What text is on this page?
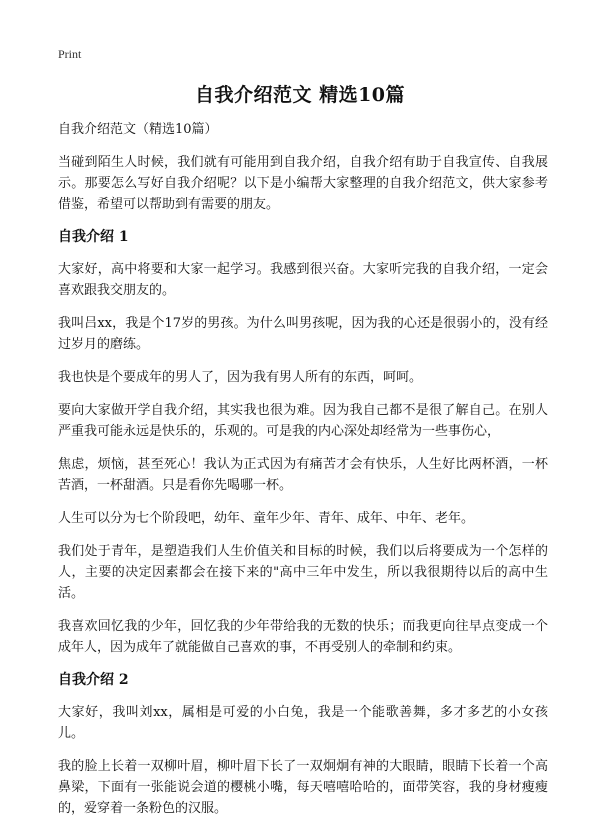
Print
自我介绍范文 精选10篇

自我介绍范文（精选10篇）

当碰到陌生人时候，我们就有可能用到自我介绍，自我介绍有助于自我宣传、自我展示。那要怎么写好自我介绍呢？以下是小编帮大家整理的自我介绍范文，供大家参考借鉴，希望可以帮助到有需要的朋友。

自我介绍 1

大家好，高中将要和大家一起学习。我感到很兴奋。大家听完我的自我介绍，一定会喜欢跟我交朋友的。

我叫吕xx，我是个17岁的男孩。为什么叫男孩呢，因为我的心还是很弱小的，没有经过岁月的磨练。

我也快是个要成年的男人了，因为我有男人所有的东西，呵呵。

要向大家做开学自我介绍，其实我也很为难。因为我自己都不是很了解自己。在别人严重我可能永远是快乐的，乐观的。可是我的内心深处却经常为一些事伤心，

焦虑，烦恼，甚至死心！我认为正式因为有痛苦才会有快乐，人生好比两杯酒，一杯苦酒，一杯甜酒。只是看你先喝哪一杯。

人生可以分为七个阶段吧，幼年、童年少年、青年、成年、中年、老年。

我们处于青年，是塑造我们人生价值关和目标的时候，我们以后将要成为一个怎样的人，主要的决定因素都会在接下来的"高中三年中发生，所以我很期待以后的高中生活。

我喜欢回忆我的少年，回忆我的少年带给我的无数的快乐；而我更向往早点变成一个成年人，因为成年了就能做自己喜欢的事，不再受别人的牵制和约束。

自我介绍 2

大家好，我叫刘xx，属相是可爱的小白兔，我是一个能歌善舞，多才多艺的小女孩儿。

我的脸上长着一双柳叶眉，柳叶眉下长了一双炯炯有神的大眼睛，眼睛下长着一个高鼻梁，下面有一张能说会道的樱桃小嘴，每天嘻嘻哈哈的，面带笑容，我的身材瘦瘦的，爱穿着一条粉色的汉服。
